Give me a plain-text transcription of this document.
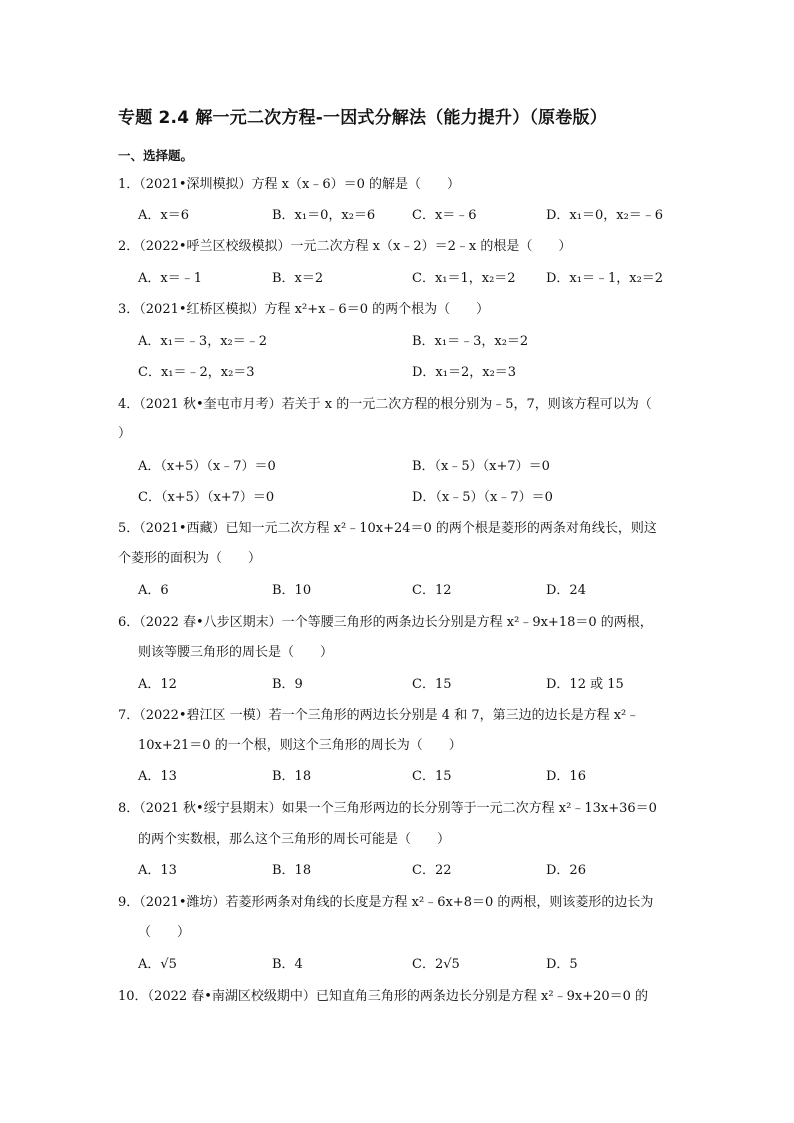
专题 2.4 解一元二次方程-一因式分解法（能力提升）（原卷版）
一、选择题。
1．（2021•深圳模拟）方程 x（x﹣6）＝0 的解是（　　）
A．x＝6	B．x₁＝0，x₂＝6	C．x＝﹣6	D．x₁＝0，x₂＝﹣6
2．（2022•呼兰区校级模拟）一元二次方程 x（x﹣2）＝2﹣x 的根是（　　）
A．x＝﹣1	B．x＝2	C．x₁＝1，x₂＝2 D．x₁＝﹣1，x₂＝2
3．（2021•红桥区模拟）方程 x²+x﹣6＝0 的两个根为（　　）
A．x₁＝﹣3，x₂＝﹣2	B．x₁＝﹣3，x₂＝2
C．x₁＝﹣2，x₂＝3	D．x₁＝2，x₂＝3
4．（2021 秋•奎屯市月考）若关于 x 的一元二次方程的根分别为﹣5，7，则该方程可以为（
）
A．（x+5）（x﹣7）＝0	B．（x﹣5）（x+7）＝0
C．（x+5）（x+7）＝0	D．（x﹣5）（x﹣7）＝0
5．（2021•西藏）已知一元二次方程 x²﹣10x+24＝0 的两个根是菱形的两条对角线长，则这
个菱形的面积为（　　）
A．6	B．10	C．12	D．24
6．（2022 春•八步区期末）一个等腰三角形的两条边长分别是方程 x²﹣9x+18＝0 的两根，
则该等腰三角形的周长是（　　）
A．12	B．9	C．15	D．12 或 15
7．（2022•碧江区 一模）若一个三角形的两边长分别是 4 和 7，第三边的边长是方程 x²﹣
10x+21＝0 的一个根，则这个三角形的周长为（　　）
A．13	B．18	C．15	D．16
8．（2021 秋•绥宁县期末）如果一个三角形两边的长分别等于一元二次方程 x²﹣13x+36＝0
的两个实数根，那么这个三角形的周长可能是（　　）
A．13	B．18	C．22	D．26
9．（2021•潍坊）若菱形两条对角线的长度是方程 x²﹣6x+8＝0 的两根，则该菱形的边长为
（　　）
A．√5	B．4	C．2√5	D．5
10．（2022 春•南湖区校级期中）已知直角三角形的两条边长分别是方程 x²﹣9x+20＝0 的
